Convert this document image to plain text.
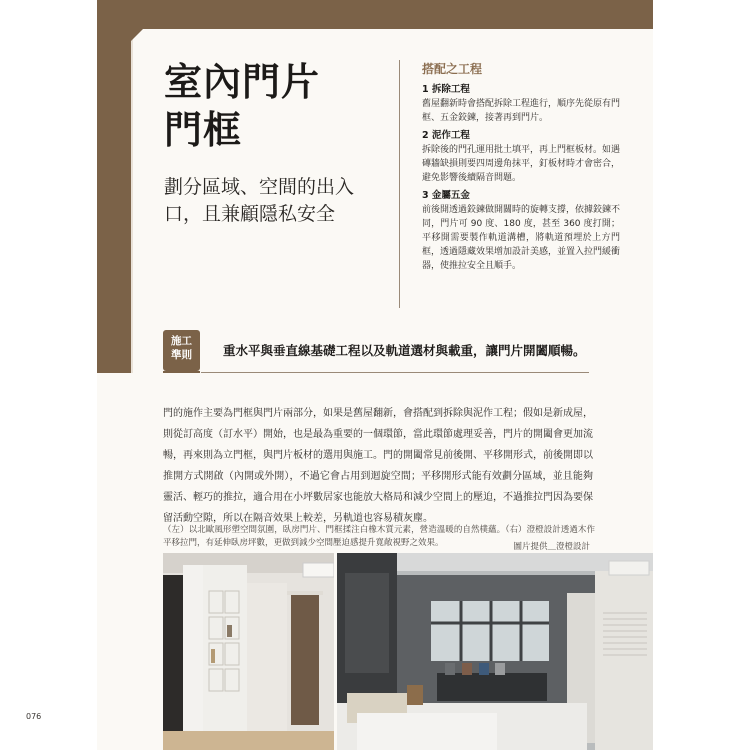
室內門片門框
劃分區域、空間的出入口，且兼顧隱私安全
搭配之工程
1 拆除工程
舊屋翻新時會搭配拆除工程進行，順序先從原有門框、五金鉸鍊，接著再到門片。
2 泥作工程
拆除後的門孔運用批土填平，再上門框板材。如遇磚牆缺損則要四周邊角抹平，釘板材時才會密合，避免影響後續隔音問題。
3 金屬五金
前後開透過鉸鍊做開關時的旋轉支撐，依據鉸鍊不同，門片可 90 度、180 度，甚至 360 度打開；平移開需要製作軌道溝槽，將軌道預埋於上方門框，透過隱藏效果增加設計美感，並置入拉門緩衝器，使推拉安全且順手。
施工
準則	重水平與垂直線基礎工程以及軌道選材與載重，讓門片開闔順暢。
門的施作主要為門框與門片兩部分，如果是舊屋翻新，會搭配到拆除與泥作工程；假如是新成屋，則從訂高度（訂水平）開始，也是最為重要的一個環節，當此環節處理妥善，門片的開闔會更加流暢，再來則為立門框，與門片板材的選用與施工。門的開闔常見前後開、平移開形式，前後開即以推開方式開啟（內開或外開），不過它會占用到迴旋空間；平移開形式能有效劃分區域，並且能夠靈活、輕巧的推拉，適合用在小坪數居家也能放大格局和減少空間上的壓迫，不過推拉門因為要保留活動空隙，所以在隔音效果上較差，另軌道也容易積灰塵。
（左）以北歐風形塑空間氛圍，臥房門片、門框揉注白橡木質元素，營造溫暖的自然樸蘊。（右）澄橙設計透過木作平移拉門，有延伸臥房坪數，更做到減少空間壓迫感提升寬敞視野之效果。	圖片提供＿澄橙設計
076
